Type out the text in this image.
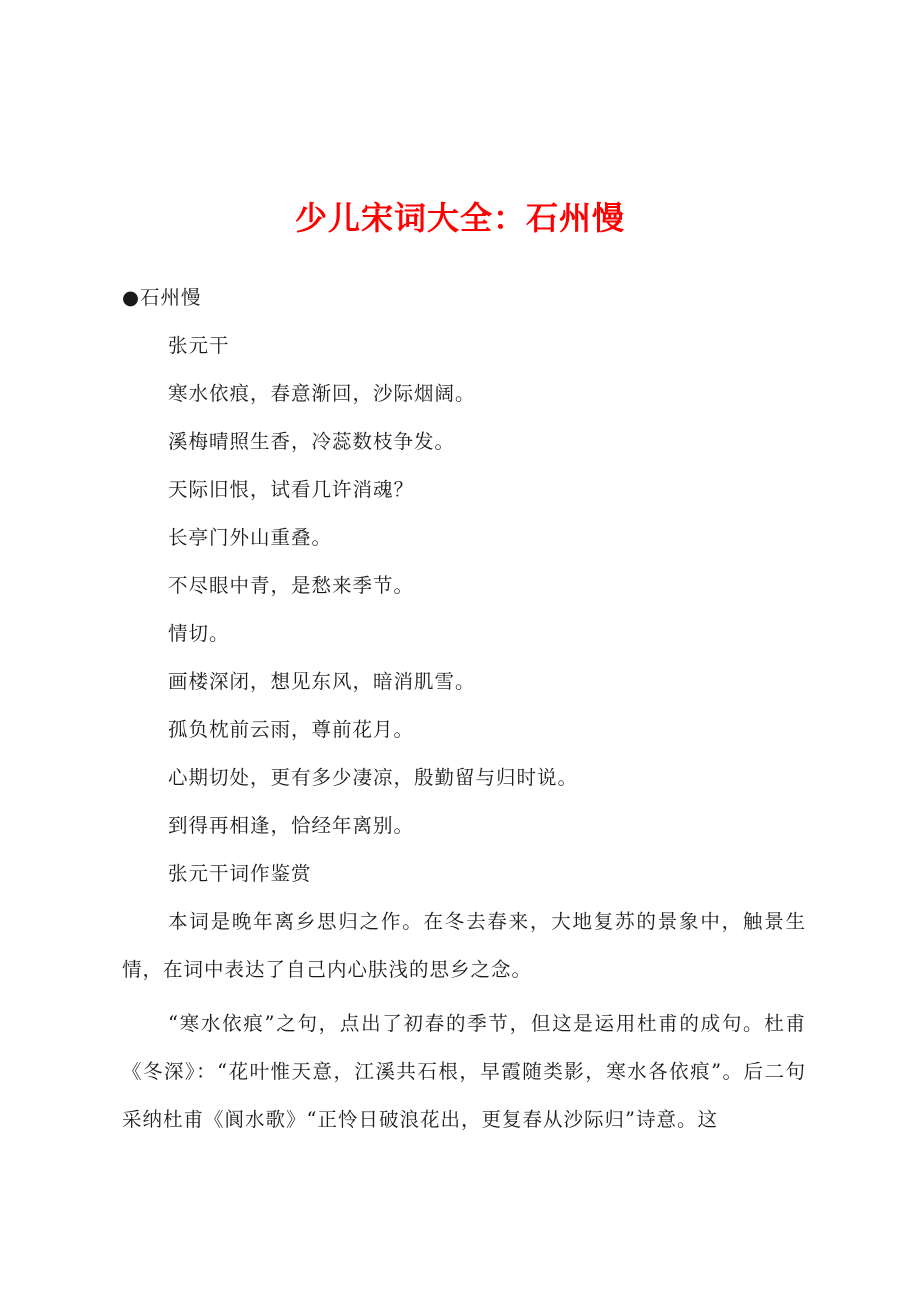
少儿宋词大全：石州慢
●石州慢
张元干
寒水依痕，春意渐回，沙际烟阔。
溪梅晴照生香，冷蕊数枝争发。
天际旧恨，试看几许消魂？
长亭门外山重叠。
不尽眼中青，是愁来季节。
情切。
画楼深闭，想见东风，暗消肌雪。
孤负枕前云雨，尊前花月。
心期切处，更有多少凄凉，殷勤留与归时说。
到得再相逢，恰经年离别。
张元干词作鉴赏
本词是晚年离乡思归之作。在冬去春来，大地复苏的景象中，触景生情，在词中表达了自己内心肤浅的思乡之念。
“寒水依痕”之句，点出了初春的季节，但这是运用杜甫的成句。杜甫《冬深》：“花叶惟天意，江溪共石根，早霞随类影，寒水各依痕”。后二句采纳杜甫《阆水歌》“正怜日破浪花出，更复春从沙际归”诗意。这
